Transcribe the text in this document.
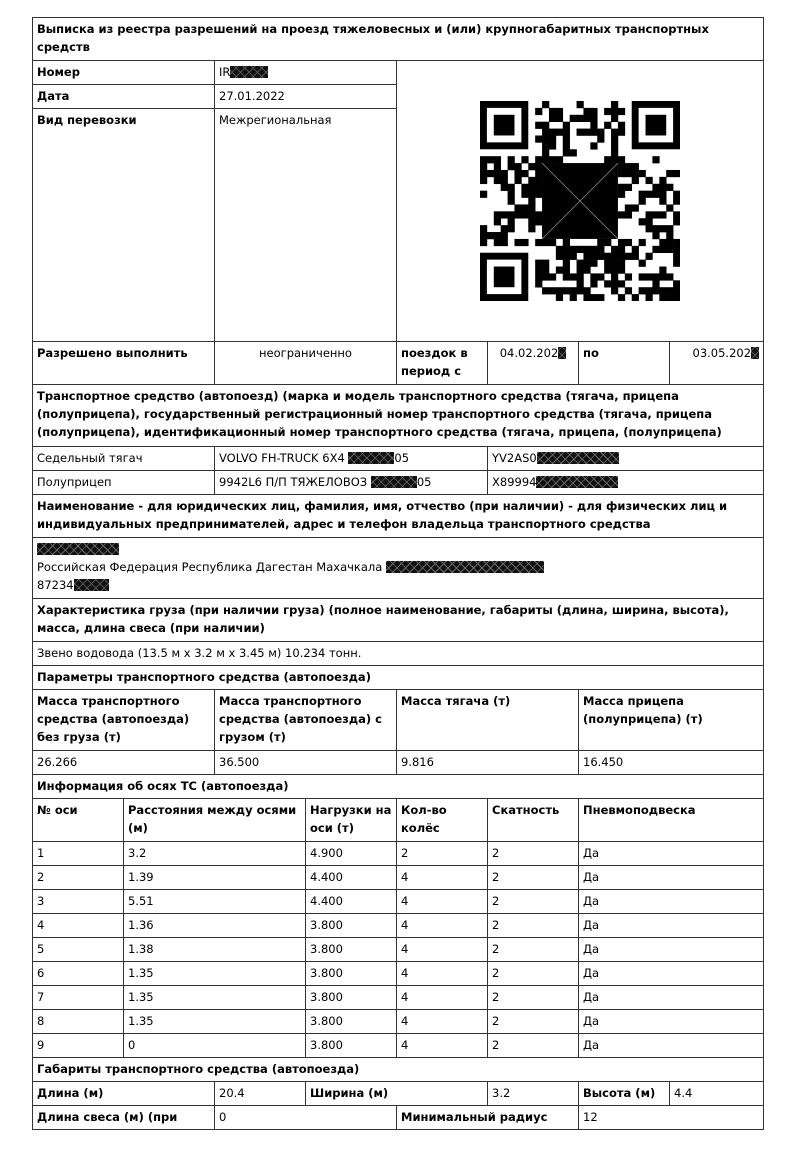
Выписка из реестра разрешений на проезд тяжеловесных и (или) крупногабаритных транспортных средств							
Номер		IR	

Дата		27.01.2022					
Вид перевозки		Межрегиональная					
Разрешено выполнить		неограниченно		поездок в период с	04.02.202	по	03.05.202
Транспортное средство (автопоезд) (марка и модель транспортного средства (тягача, прицепа (полуприцепа), государственный регистрационный номер транспортного средства (тягача, прицепа (полуприцепа), идентификационный номер транспортного средства (тягача, прицепа, (полуприцепа)							
Седельный тягач		VOLVO FH-TRUCK 6X4 05			YV2AS0		
Полуприцеп		9942L6 П/П ТЯЖЕЛОВОЗ 05			X89994		
Наименование - для юридических лиц, фамилия, имя, отчество (при наличии) - для физических лиц и индивидуальных предпринимателей, адрес и телефон владельца транспортного средства							

Российская Федерация Республика Дагестан Махачкала
87234							

Характеристика груза (при наличии груза) (полное наименование, габариты (длина, ширина, высота), масса, длина свеса (при наличии)							
Звено водовода (13.5 м х 3.2 м х 3.45 м) 10.234 тонн.							
Параметры транспортного средства (автопоезда)							
Масса транспортного средства (автопоезда) без груза (т)		Масса транспортного средства (автопоезда) с грузом (т)		Масса тягача (т)		Масса прицепа (полуприцепа) (т)	
26.266		36.500		9.816		16.450	
Информация об осях ТС (автопоезда)							
№ оси	Расстояния между осями (м)		Нагрузки на оси (т)	Кол-во колёс	Скатность	Пневмоподвеска	
1	3.2		4.900	2	2	Да	
2	1.39		4.400	4	2	Да	
3	5.51		4.400	4	2	Да	
4	1.36		3.800	4	2	Да	
5	1.38		3.800	4	2	Да	
6	1.35		3.800	4	2	Да	
7	1.35		3.800	4	2	Да	
8	1.35		3.800	4	2	Да	
9	0		3.800	4	2	Да	
Габариты транспортного средства (автопоезда)							
Длина (м)		20.4	Ширина (м)		3.2	Высота (м)	4.4
Длина свеса (м) (при		0		Минимальный радиус		12	
